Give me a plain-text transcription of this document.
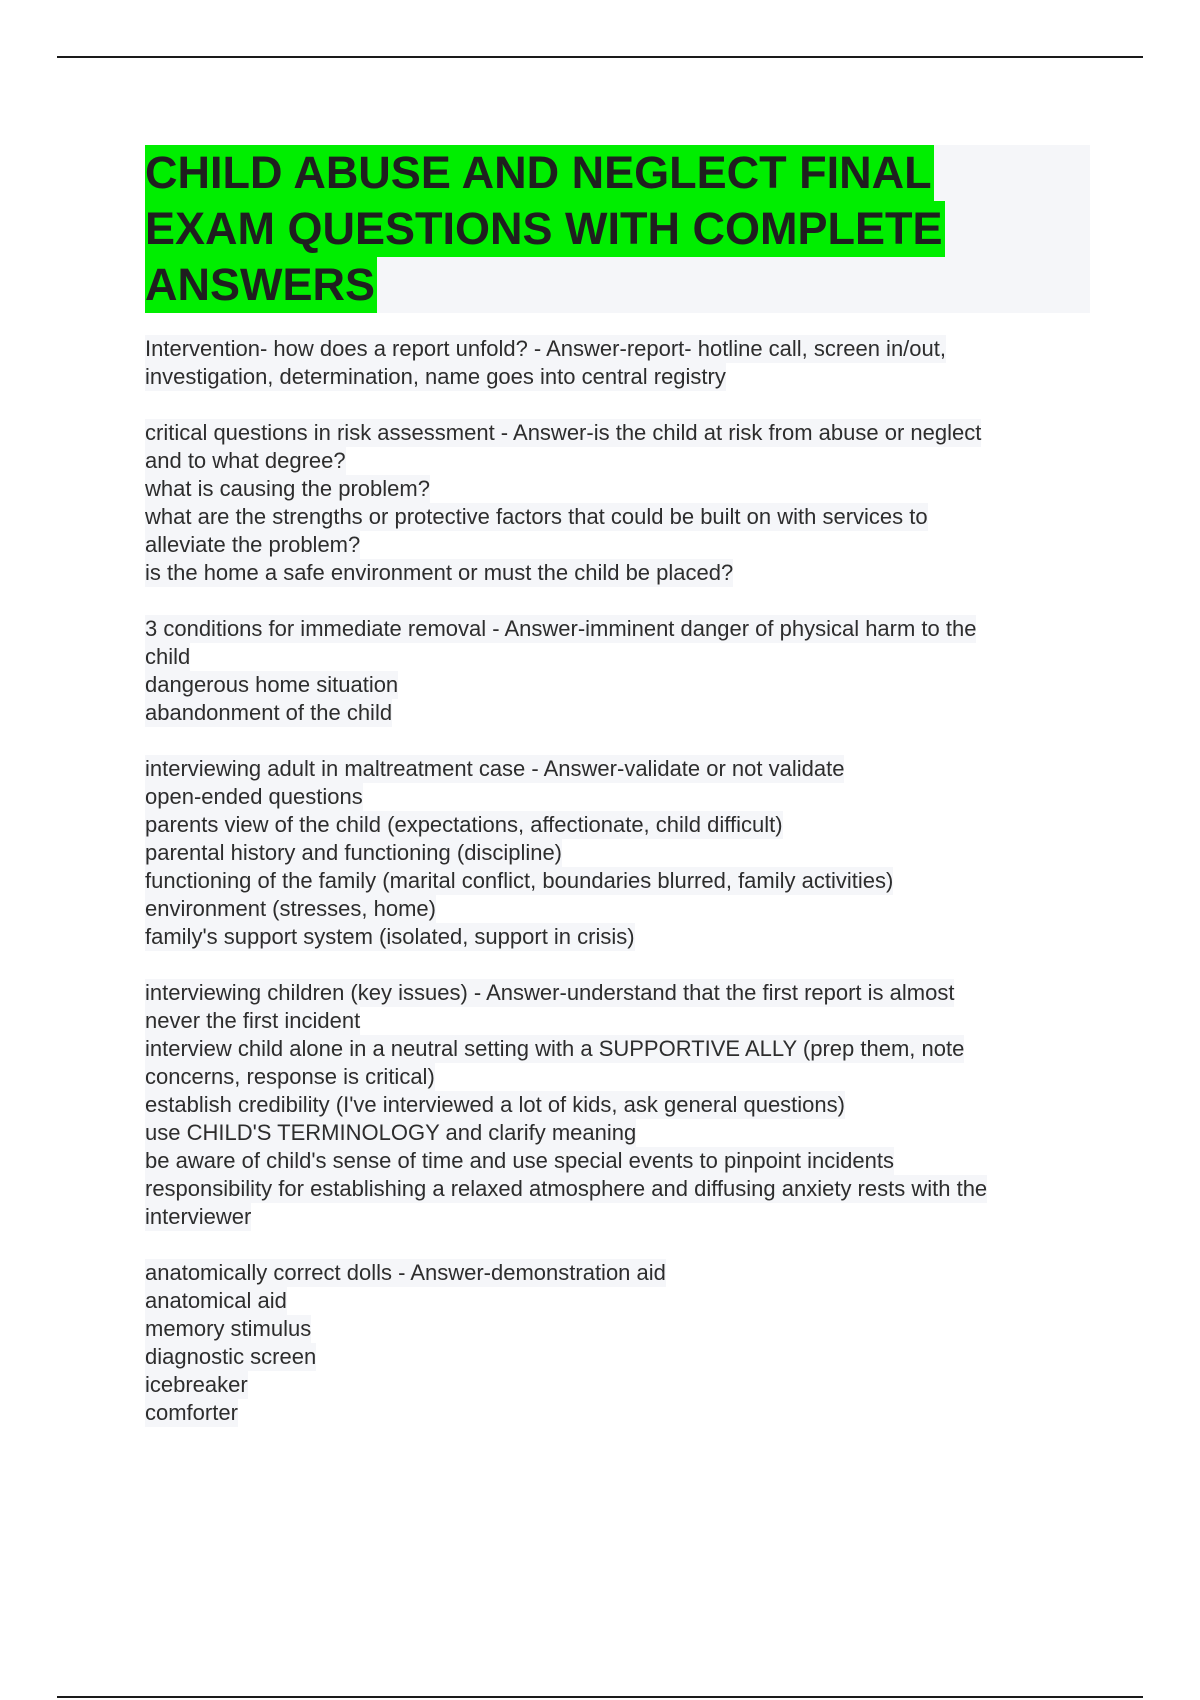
CHILD ABUSE AND NEGLECT FINAL
EXAM QUESTIONS WITH COMPLETE
ANSWERS
Intervention- how does a report unfold? - Answer-report- hotline call, screen in/out,
investigation, determination, name goes into central registry
critical questions in risk assessment - Answer-is the child at risk from abuse or neglect
and to what degree?
what is causing the problem?
what are the strengths or protective factors that could be built on with services to
alleviate the problem?
is the home a safe environment or must the child be placed?
3 conditions for immediate removal - Answer-imminent danger of physical harm to the
child
dangerous home situation
abandonment of the child
interviewing adult in maltreatment case - Answer-validate or not validate
open-ended questions
parents view of the child (expectations, affectionate, child difficult)
parental history and functioning (discipline)
functioning of the family (marital conflict, boundaries blurred, family activities)
environment (stresses, home)
family's support system (isolated, support in crisis)
interviewing children (key issues) - Answer-understand that the first report is almost
never the first incident
interview child alone in a neutral setting with a SUPPORTIVE ALLY (prep them, note
concerns, response is critical)
establish credibility (I've interviewed a lot of kids, ask general questions)
use CHILD'S TERMINOLOGY and clarify meaning
be aware of child's sense of time and use special events to pinpoint incidents
responsibility for establishing a relaxed atmosphere and diffusing anxiety rests with the
interviewer
anatomically correct dolls - Answer-demonstration aid
anatomical aid
memory stimulus
diagnostic screen
icebreaker
comforter
